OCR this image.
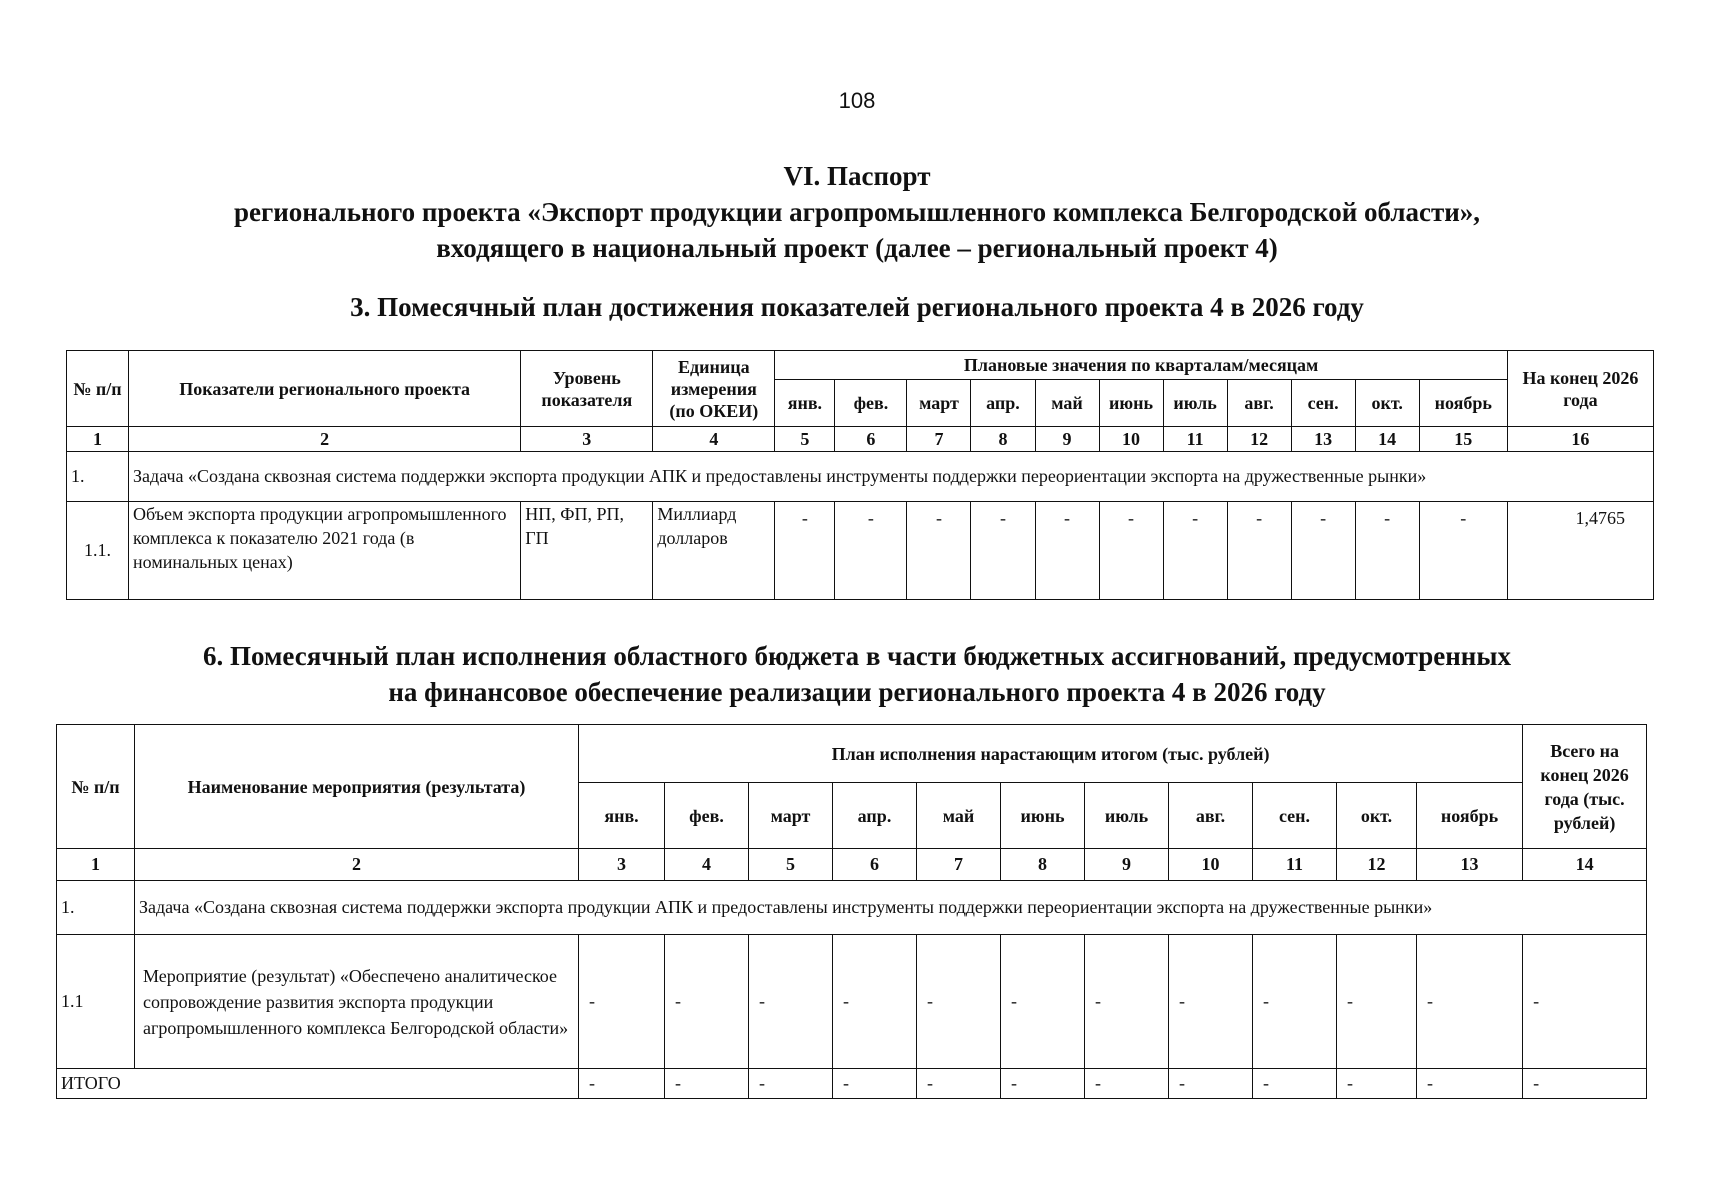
108
VI. Паспорт
регионального проекта «Экспорт продукции агропромышленного комплекса Белгородской области»,
входящего в национальный проект (далее – региональный проект 4)
3. Помесячный план достижения показателей регионального проекта 4 в 2026 году
№ п/п	Показатели регионального проекта	Уровень показателя	Единица измерения (по ОКЕИ)	Плановые значения по кварталам/месяцам											На конец 2026 года
				янв.	фев.	март	апр.	май	июнь	июль	авг.	сен.	окт.	ноябрь	
1	2	3	4	5	6	7	8	9	10	11	12	13	14	15	16
1.	Задача «Создана сквозная система поддержки экспорта продукции АПК и предоставлены инструменты поддержки переориентации экспорта на дружественные рынки»														
1.1.	Объем экспорта продукции агропромышленного комплекса к показателю 2021 года (в номинальных ценах)	НП, ФП, РП, ГП	Миллиард долларов	-	-	-	-	-	-	-	-	-	-	-	1,4765
6. Помесячный план исполнения областного бюджета в части бюджетных ассигнований, предусмотренных
на финансовое обеспечение реализации регионального проекта 4 в 2026 году
№ п/п	Наименование мероприятия (результата)	План исполнения нарастающим итогом (тыс. рублей)											Всего на конец 2026 года (тыс. рублей)
		янв.	фев.	март	апр.	май	июнь	июль	авг.	сен.	окт.	ноябрь	
1	2	3	4	5	6	7	8	9	10	11	12	13	14
1.	Задача «Создана сквозная система поддержки экспорта продукции АПК и предоставлены инструменты поддержки переориентации экспорта на дружественные рынки»												
1.1	Мероприятие (результат) «Обеспечено аналитическое сопровождение развития экспорта продукции агропромышленного комплекса Белгородской области»	-	-	-	-	-	-	-	-	-	-	-	-
ИТОГО		-	-	-	-	-	-	-	-	-	-	-	-
